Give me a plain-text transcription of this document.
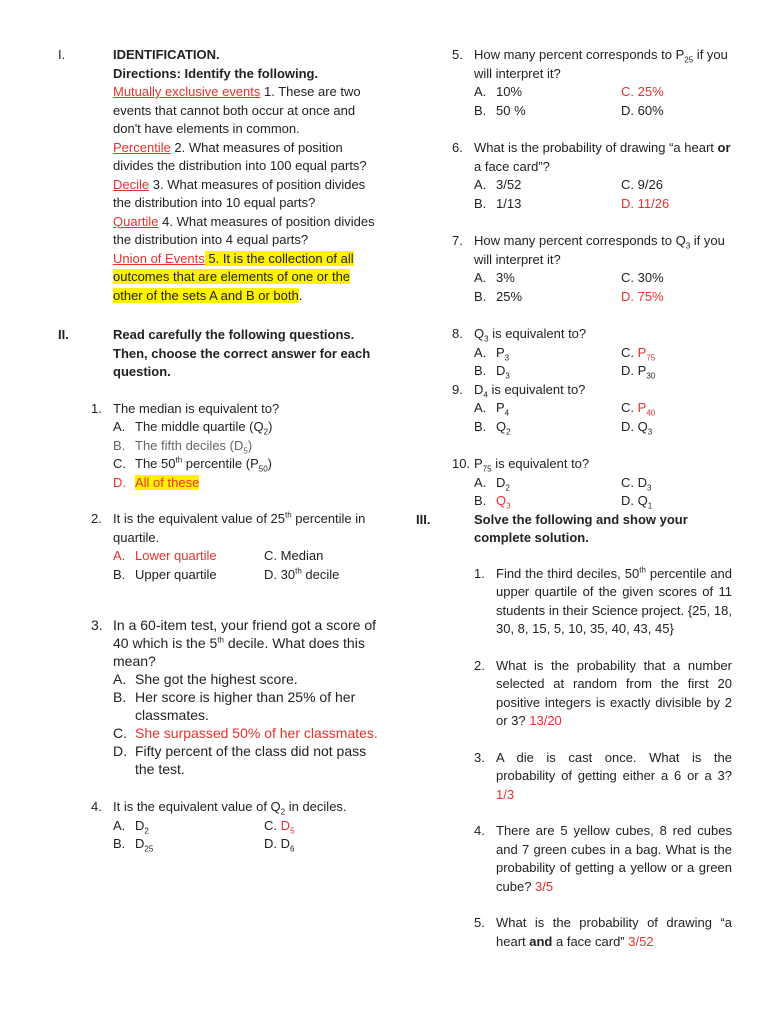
I.	IDENTIFICATION.
Directions: Identify the following.
Mutually exclusive events 1. These are two events that cannot both occur at once and don't have elements in common.
Percentile 2. What measures of position divides the distribution into 100 equal parts?
Decile 3. What measures of position divides the distribution into 10 equal parts?
Quartile 4. What measures of position divides the distribution into 4 equal parts?
Union of Events 5. It is the collection of all outcomes that are elements of one or the other of the sets A and B or both.
II.	Read carefully the following questions. Then, choose the correct answer for each question.
1. The median is equivalent to?
A. The middle quartile $(Q_2)$
B. The fifth deciles $(D_5)$
C. The 50th percentile $(P_{50})$
D. All of these
2. It is the equivalent value of 25th percentile in quartile.
A. Lower quartile	C. Median
B. Upper quartile	D. 30th decile
3. In a 60-item test, your friend got a score of 40 which is the 5th decile. What does this mean?
A. She got the highest score.
B. Her score is higher than 25% of her classmates.
C. She surpassed 50% of her classmates.
D. Fifty percent of the class did not pass the test.
4. It is the equivalent value of $Q_2$ in deciles.
A. $D_2$	C. $D_5$
B. $D_{25}$	D. $D_6$
5. How many percent corresponds to $P_{25}$ if you will interpret it?
A. 10%	C. 25%
B. 50 %	D. 60%
6. What is the probability of drawing “a heart or a face card”?
A. 3/52	C. 9/26
B. 1/13	D. 11/26
7. How many percent corresponds to $Q_3$ if you will interpret it?
A. 3%	C. 30%
B. 25%	D. 75%
8. $Q_3$ is equivalent to?
A. $P_3$	C. $P_{75}$
B. $D_3$	D. $P_{30}$
9. $D_4$ is equivalent to?
A. $P_4$	C. $P_{40}$
B. $Q_2$	D. $Q_3$
10. $P_{75}$ is equivalent to?
A. $D_2$	C. $D_3$
B. $Q_3$	D. $Q_1$
III.	Solve the following and show your complete solution.
1. Find the third deciles, 50th percentile and upper quartile of the given scores of 11 students in their Science project. {25, 18, 30, 8, 15, 5, 10, 35, 40, 43, 45}
2. What is the probability that a number selected at random from the first 20 positive integers is exactly divisible by 2 or 3? 13/20
3. A die is cast once. What is the probability of getting either a 6 or a 3? 1/3
4. There are 5 yellow cubes, 8 red cubes and 7 green cubes in a bag. What is the probability of getting a yellow or a green cube? 3/5
5. What is the probability of drawing “a heart and a face card” 3/52
